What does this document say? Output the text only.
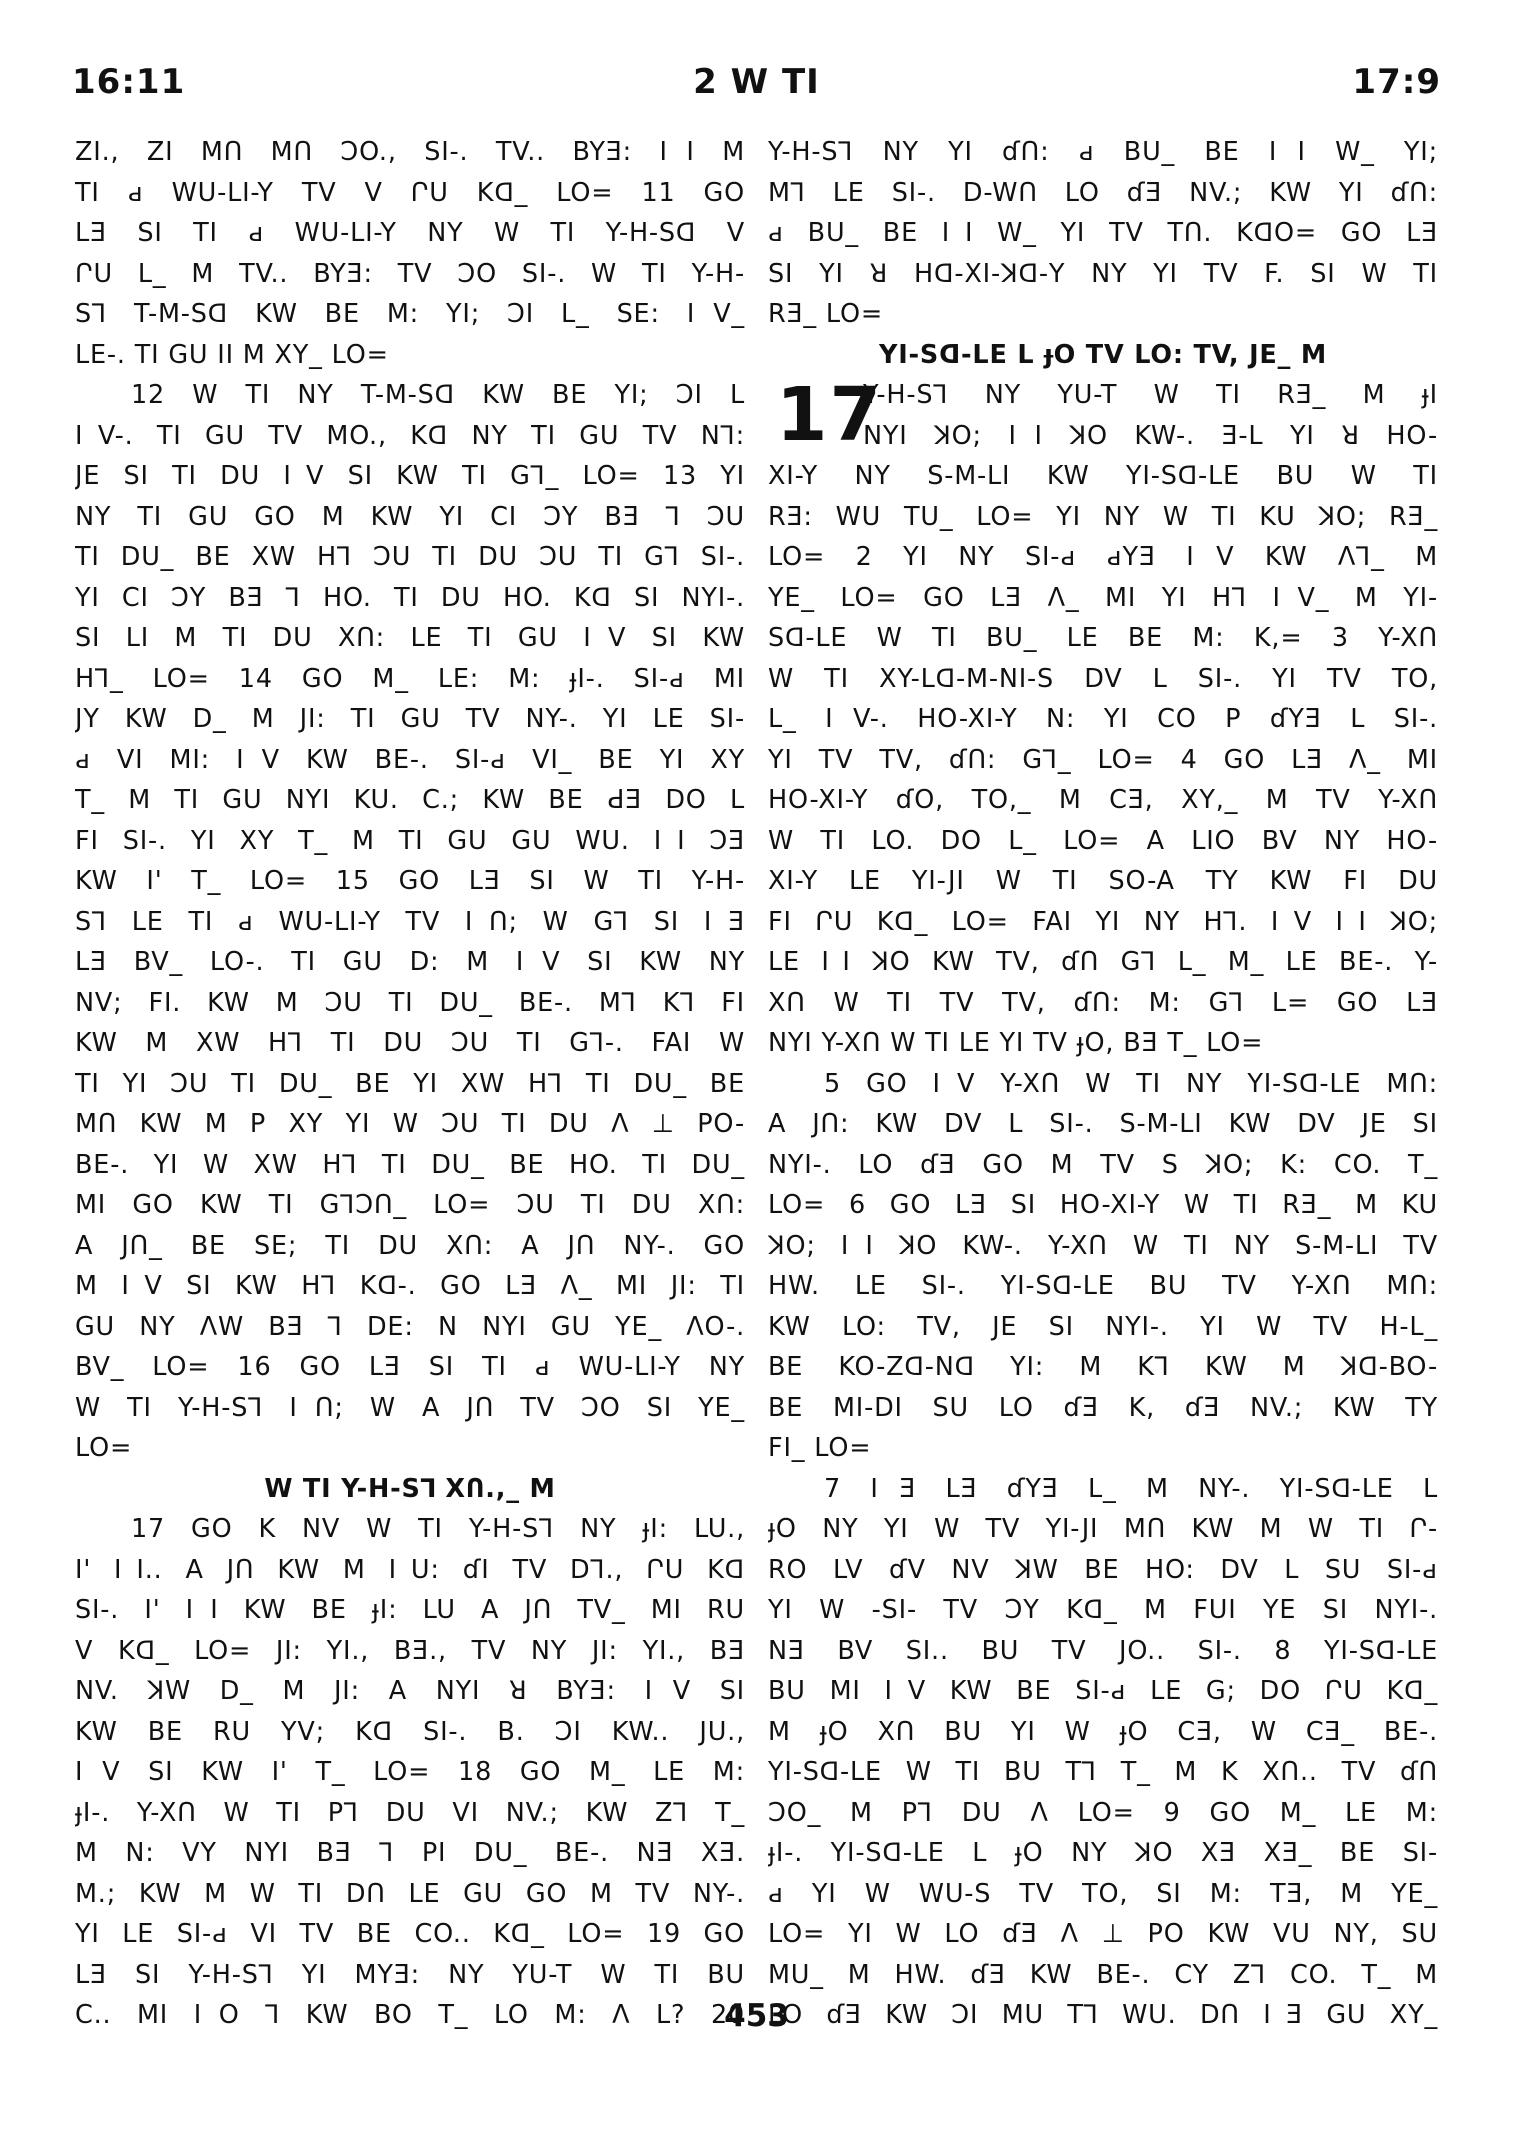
16:11	2 W TI	17:9
ZI., ZI MՈ MՈ ƆO., SI-. TV.. BYƎ: ⅠI M
TI ԁ WU-LI-Y TV V ՐU Kᗡ_ LO= 11 GO
LƎ SI TI ԁ WU-LI-Y NY W TI Y-H-Sᗡ V
ՐU L_ M TV.. BYƎ: TV ƆO SI-. W TI Y-H-
S⅂ T-M-Sᗡ KW BE M: YI; ƆI L_ SE: ⅠV_
LE-. TI GU ⅠI M XY_ LO=
12 W TI NY T-M-Sᗡ KW BE YI; ƆI L
ⅠV-. TI GU TV MO., Kᗡ NY TI GU TV N⅂:
JE SI TI DU ⅠV SI KW TI G⅂_ LO= 13 YI
NY TI GU GO M KW YI CI ƆY BƎ ⅂ ƆU
TI DU_ BE XW H⅂ ƆU TI DU ƆU TI G⅂ SI-.
YI CI ƆY BƎ ⅂ HO. TI DU HO. Kᗡ SI NYI-.
SI LI M TI DU XՈ: LE TI GU ⅠV SI KW
H⅂_ LO= 14 GO M_ LE: M: ɟI-. SI-ԁ MI
JY KW D_ M JI: TI GU TV NY-. YI LE SI-
ԁ VI MI: ⅠV KW BE-. SI-ԁ VI_ BE YI XY
T_ M TI GU NYI KU. C.; KW BE ԀƎ DO L
FI SI-. YI XY T_ M TI GU GU WU. ⅠI ƆƎ
KW I' T_ LO= 15 GO LƎ SI W TI Y-H-
S⅂ LE TI ԁ WU-LI-Y TV ⅠՈ; W G⅂ SI ⅠƎ
LƎ BV_ LO-. TI GU D: M ⅠV SI KW NY
NV; FI. KW M ƆU TI DU_ BE-. M⅂ K⅂ FI
KW M XW H⅂ TI DU ƆU TI G⅂-. FAI W
TI YI ƆU TI DU_ BE YI XW H⅂ TI DU_ BE
MՈ KW M P XY YI W ƆU TI DU Λ ⊥ PO-
BE-. YI W XW H⅂ TI DU_ BE HO. TI DU_
MI GO KW TI G⅂ƆՈ_ LO= ƆU TI DU XՈ:
A JՈ_ BE SE; TI DU XՈ: A JՈ NY-. GO
M ⅠV SI KW H⅂ Kᗡ-. GO LƎ Λ_ MI JI: TI
GU NY ΛW BƎ ⅂ DE: N NYI GU YE_ ΛO-.
BV_ LO= 16 GO LƎ SI TI ԁ WU-LI-Y NY
W TI Y-H-S⅂ ⅠՈ; W A JՈ TV ƆO SI YE_
LO=
W TI Y-H-S⅂ XՈ.,_ M
17 GO K NV W TI Y-H-S⅂ NY ɟI: LU.,
I' ⅠI.. A JՈ KW M ⅠU: ɗI TV D⅂., ՐU Kᗡ
SI-. I' ⅠI KW BE ɟI: LU A JՈ TV_ MI RU
V Kᗡ_ LO= JI: YI., BƎ., TV NY JI: YI., BƎ
NV. ꓘW D_ M JI: A NYI ꓤ BYƎ: ⅠV SI
KW BE RU YV; Kᗡ SI-. B. ƆI KW.. JU.,
ⅠV SI KW I' T_ LO= 18 GO M_ LE M:
ɟI-. Y-XՈ W TI P⅂ DU VI NV.; KW Z⅂ T_
M N: VY NYI BƎ ⅂ PI DU_ BE-. NƎ XƎ.
M.; KW M W TI DՈ LE GU GO M TV NY-.
YI LE SI-ԁ VI TV BE CO.. Kᗡ_ LO= 19 GO
LƎ SI Y-H-S⅂ YI MYƎ: NY YU-T W TI BU
C.. MI ⅠO ⅂ KW BO T_ LO M: Λ L? 20
Y-H-S⅂ NY YI ɗՈ: ԁ BU_ BE ⅠI W_ YI;
M⅂ LE SI-. D-WՈ LO ɗƎ NV.; KW YI ɗՈ:
ԁ BU_ BE ⅠI W_ YI TV TՈ. KᗡO= GO LƎ
SI YI ꓤ Hᗡ-XI-ꓘᗡ-Y NY YI TV F. SI W TI
RƎ_ LO=
YI-Sᗡ-LE L ɟO TV LO: TV, JE_ M
17
Y-H-S⅂ NY YU-T W TI RƎ_ M ɟI
NYI ꓘO; ⅠI ꓘO KW-. Ǝ-L YI ꓤ HO-
XI-Y NY S-M-LI KW YI-Sᗡ-LE BU W TI
RƎ: WU TU_ LO= YI NY W TI KU ꓘO; RƎ_
LO= 2 YI NY SI-ԁ ԁYƎ ⅠV KW Λ⅂_ M
YE_ LO= GO LƎ Λ_ MI YI H⅂ ⅠV_ M YI-
Sᗡ-LE W TI BU_ LE BE M: K,= 3 Y-XՈ
W TI XY-Lᗡ-M-NI-S DV L SI-. YI TV TO,
L_ ⅠV-. HO-XI-Y N: YI CO P ɗYƎ L SI-.
YI TV TV, ɗՈ: G⅂_ LO= 4 GO LƎ Λ_ MI
HO-XI-Y ɗO, TO,_ M CƎ, XY,_ M TV Y-XՈ
W TI LO. DO L_ LO= A LIO BV NY HO-
XI-Y LE YI-JI W TI SO-A TY KW FI DU
FI ՐU Kᗡ_ LO= FAI YI NY H⅂. ⅠV ⅠI ꓘO;
LE ⅠI ꓘO KW TV, ɗՈ G⅂ L_ M_ LE BE-. Y-
XՈ W TI TV TV, ɗՈ: M: G⅂ L= GO LƎ
NYI Y-XՈ W TI LE YI TV ɟO, BƎ T_ LO=
5 GO ⅠV Y-XՈ W TI NY YI-Sᗡ-LE MՈ:
A JՈ: KW DV L SI-. S-M-LI KW DV JE SI
NYI-. LO ɗƎ GO M TV S ꓘO; K: CO. T_
LO= 6 GO LƎ SI HO-XI-Y W TI RƎ_ M KU
ꓘO; ⅠI ꓘO KW-. Y-XՈ W TI NY S-M-LI TV
HW. LE SI-. YI-Sᗡ-LE BU TV Y-XՈ MՈ:
KW LO: TV, JE SI NYI-. YI W TV H-L_
BE KO-Zᗡ-Nᗡ YI: M K⅂ KW M ꓘᗡ-BO-
BE MI-DI SU LO ɗƎ K, ɗƎ NV.; KW TY
FI_ LO=
7 ⅠƎ LƎ ɗYƎ L_ M NY-. YI-Sᗡ-LE L
ɟO NY YI W TV YI-JI MՈ KW M W TI Ր-
RO LV ɗV NV ꓘW BE HO: DV L SU SI-ԁ
YI W -SI- TV ƆY Kᗡ_ M FUI YE SI NYI-.
NƎ BV SI.. BU TV JO.. SI-. 8 YI-Sᗡ-LE
BU MI ⅠV KW BE SI-ԁ LE G; DO ՐU Kᗡ_
M ɟO XՈ BU YI W ɟO CƎ, W CƎ_ BE-.
YI-Sᗡ-LE W TI BU T⅂ T_ M K XՈ.. TV ɗՈ
ƆO_ M P⅂ DU Λ LO= 9 GO M_ LE M:
ɟI-. YI-Sᗡ-LE L ɟO NY ꓘO XƎ XƎ_ BE SI-
ԁ YI W WU-S TV TO, SI M: TƎ, M YE_
LO= YI W LO ɗƎ Λ ⊥ PO KW VU NY, SU
MU_ M HW. ɗƎ KW BE-. CY Z⅂ CO. T_ M
LO ɗƎ KW ƆI MU T⅂ WU. DՈ ⅠƎ GU XY_
453
